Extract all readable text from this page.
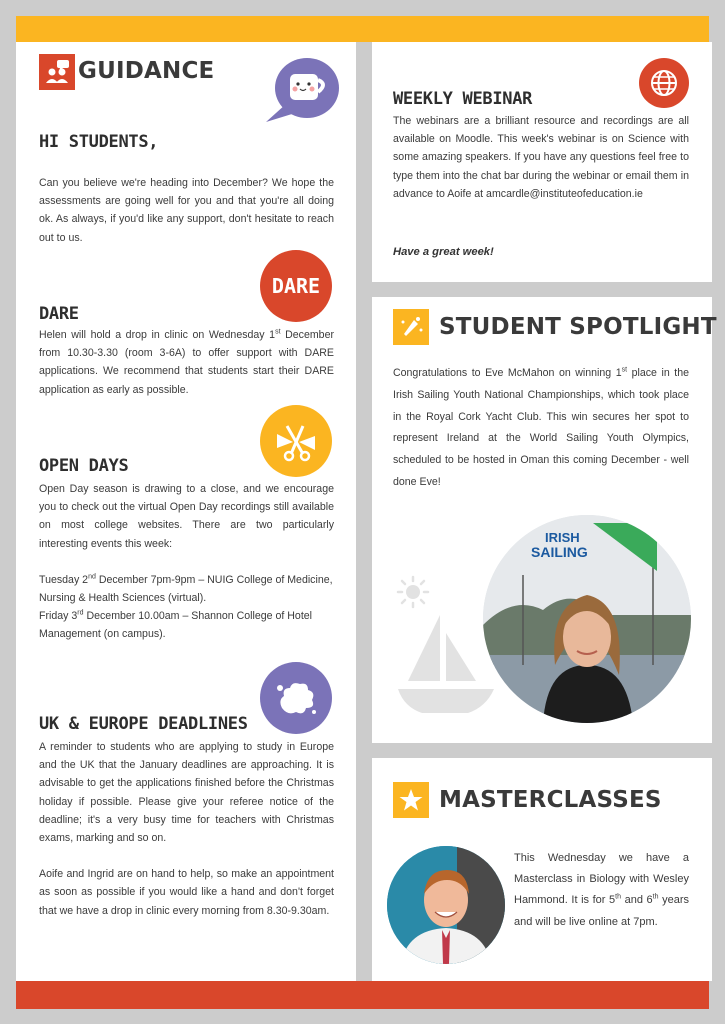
GUIDANCE
HI STUDENTS,
Can you believe we're heading into December? We hope the assessments are going well for you and that you're all doing ok. As always, if you'd like any support, don't hesitate to reach out to us.
DARE
DARE
Helen will hold a drop in clinic on Wednesday 1st December from 10.30-3.30 (room 3-6A) to offer support with DARE applications. We recommend that students start their DARE application as early as possible.
OPEN DAYS

Open Day season is drawing to a close, and we encourage you to check out the virtual Open Day recordings still available on most college websites. There are two particularly interesting events this week:

Tuesday 2nd December 7pm-9pm – NUIG College of Medicine, Nursing & Health Sciences (virtual).

Friday 3rd December 10.00am – Shannon College of Hotel Management (on campus).

UK & EUROPE DEADLINES

A reminder to students who are applying to study in Europe and the UK that the January deadlines are approaching. It is advisable to get the applications finished before the Christmas holiday if possible. Please give your referee notice of the deadline; it's a very busy time for teachers with Christmas exams, marking and so on.

Aoife and Ingrid are on hand to help, so make an appointment as soon as possible if you would like a hand and don't forget that we have a drop in clinic every morning from 8.30-9.30am.

WEEKLY WEBINAR
The webinars are a brilliant resource and recordings are all available on Moodle. This week's webinar is on Science with some amazing speakers. If you have any questions feel free to type them into the chat bar during the webinar or email them in advance to Aoife at amcardle@instituteofeducation.ie
Have a great week!
STUDENT SPOTLIGHT
Congratulations to Eve McMahon on winning 1st place in the Irish Sailing Youth National Championships, which took place in the Royal Cork Yacht Club. This win secures her spot to represent Ireland at the World Sailing Youth Olympics, scheduled to be hosted in Oman this coming December - well done Eve!
IRISH
SAILING
MASTERCLASSES
This Wednesday we have a Masterclass in Biology with Wesley Hammond. It is for 5th and 6th years and will be live online at 7pm.
